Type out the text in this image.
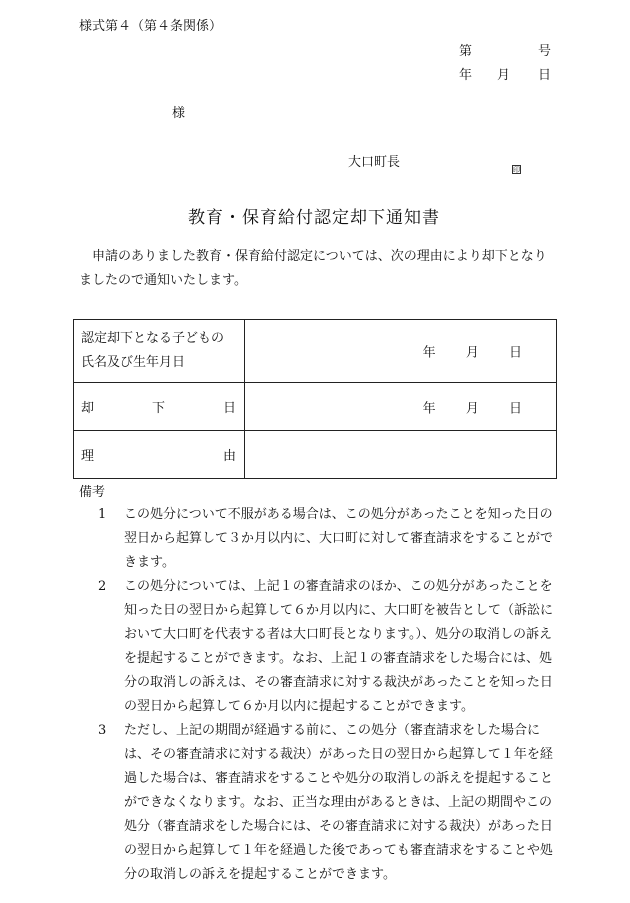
様式第４（第４条関係）
第	号
年 月 日
様
大口町長	印
教育・保育給付認定却下通知書
申請のありました教育・保育給付認定については、次の理由により却下となりましたので通知いたします。
認定却下となる子どもの
氏名及び生年月日	年 月 日

却 下 日	年 月 日

理 由	

備考
1	この処分について不服がある場合は、この処分があったことを知った日の翌日から起算して３か月以内に、大口町に対して審査請求をすることができます。
2	この処分については、上記１の審査請求のほか、この処分があったことを知った日の翌日から起算して６か月以内に、大口町を被告として（訴訟において大口町を代表する者は大口町長となります。）、処分の取消しの訴えを提起することができます。なお、上記１の審査請求をした場合には、処分の取消しの訴えは、その審査請求に対する裁決があったことを知った日の翌日から起算して６か月以内に提起することができます。
3	ただし、上記の期間が経過する前に、この処分（審査請求をした場合には、その審査請求に対する裁決）があった日の翌日から起算して１年を経過した場合は、審査請求をすることや処分の取消しの訴えを提起することができなくなります。なお、正当な理由があるときは、上記の期間やこの処分（審査請求をした場合には、その審査請求に対する裁決）があった日の翌日から起算して１年を経過した後であっても審査請求をすることや処分の取消しの訴えを提起することができます。
